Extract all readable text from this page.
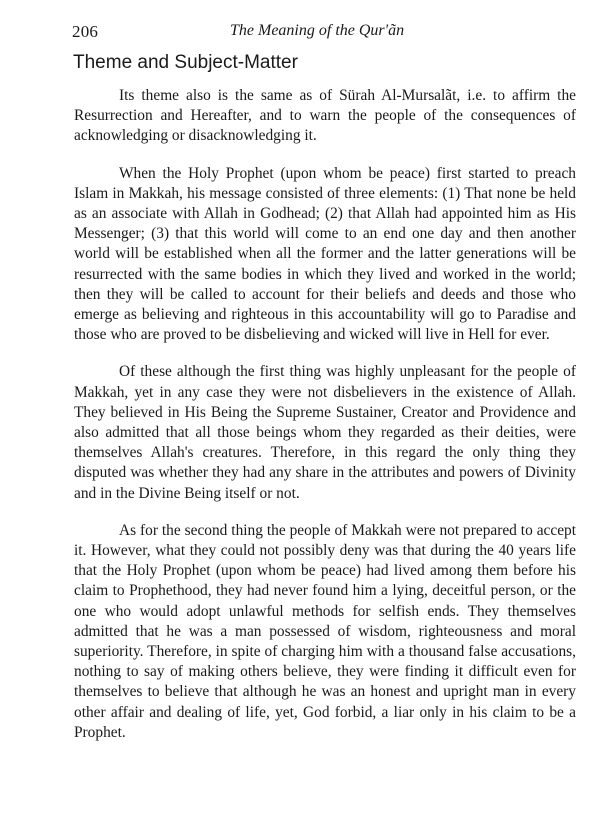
206	The Meaning of the Qur'ãn
Theme and Subject-Matter

Its theme also is the same as of Sürah Al-Mursalãt, i.e. to affirm the Resurrection and Hereafter, and to warn the people of the consequences of acknowledging or disacknowledging it.

When the Holy Prophet (upon whom be peace) first started to preach Islam in Makkah, his message consisted of three elements: (1) That none be held as an associate with Allah in Godhead; (2) that Allah had appointed him as His Messenger; (3) that this world will come to an end one day and then another world will be established when all the former and the latter generations will be resurrected with the same bodies in which they lived and worked in the world; then they will be called to account for their beliefs and deeds and those who emerge as believing and righteous in this accountability will go to Paradise and those who are proved to be disbelieving and wicked will live in Hell for ever.

Of these although the first thing was highly unpleasant for the people of Makkah, yet in any case they were not disbelievers in the existence of Allah. They believed in His Being the Supreme Sustainer, Creator and Providence and also admitted that all those beings whom they regarded as their deities, were themselves Allah's creatures. Therefore, in this regard the only thing they disputed was whether they had any share in the attributes and powers of Divinity and in the Divine Being itself or not.

As for the second thing the people of Makkah were not prepared to accept it. However, what they could not possibly deny was that during the 40 years life that the Holy Prophet (upon whom be peace) had lived among them before his claim to Prophethood, they had never found him a lying, deceitful person, or the one who would adopt unlawful methods for selfish ends. They themselves admitted that he was a man possessed of wisdom, righteousness and moral superiority. Therefore, in spite of charging him with a thousand false accusations, nothing to say of making others believe, they were finding it difficult even for themselves to believe that although he was an honest and upright man in every other affair and dealing of life, yet, God forbid, a liar only in his claim to be a Prophet.
